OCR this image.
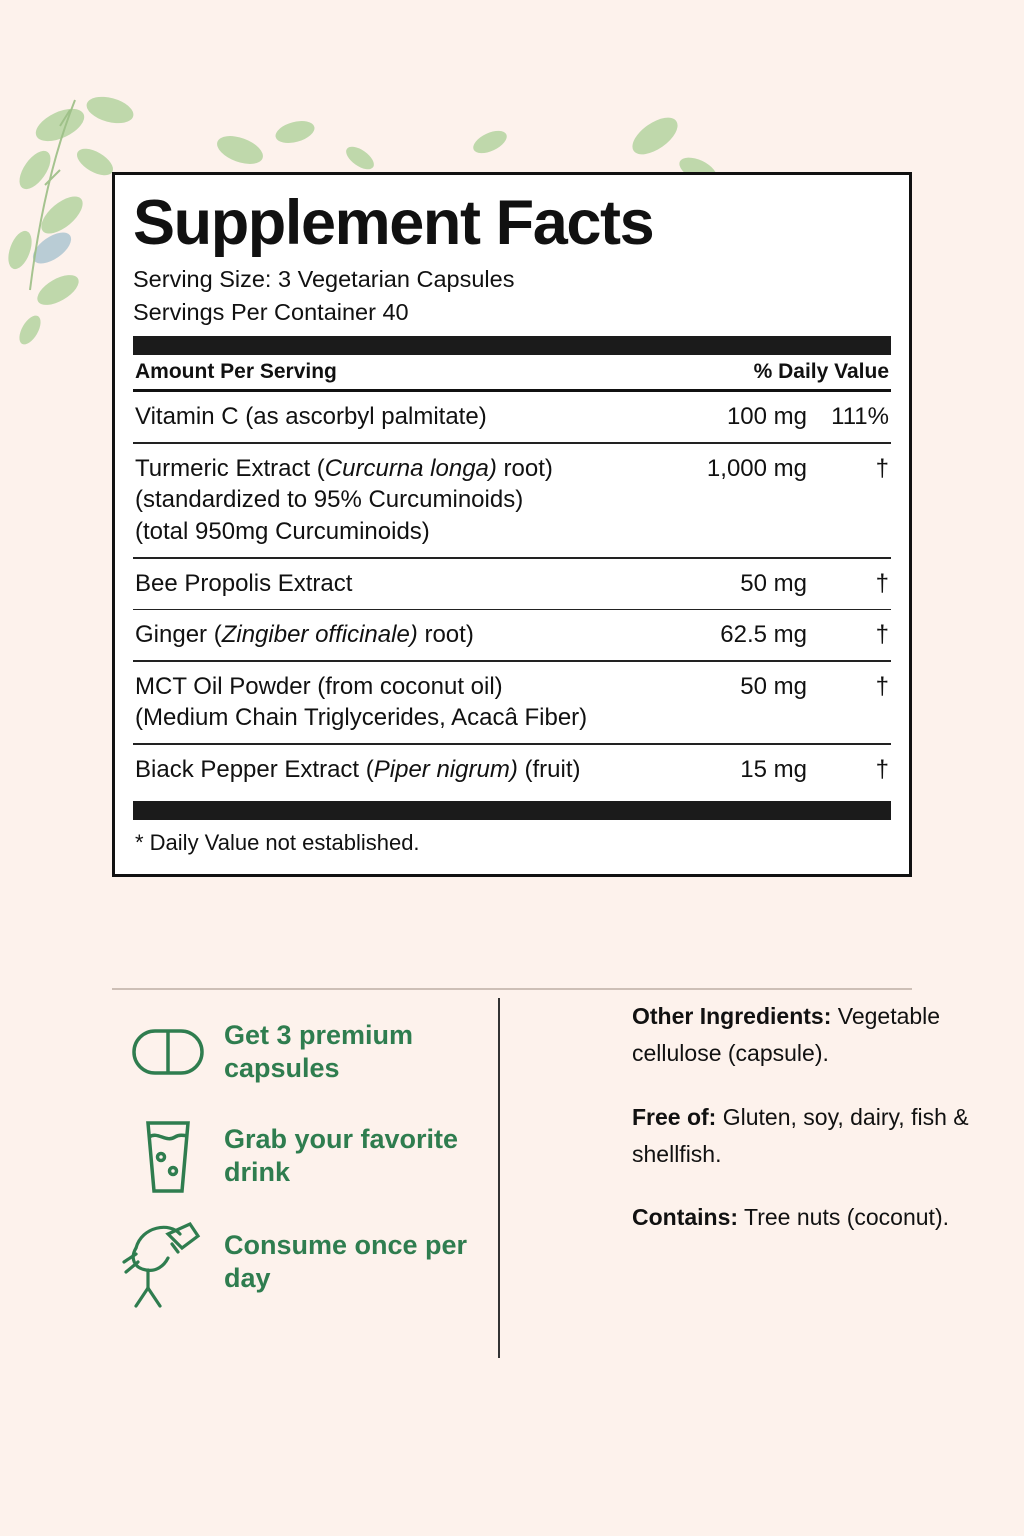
Supplement Facts
Serving Size: 3 Vegetarian Capsules
Servings Per Container 40
Amount Per Serving	% Daily Value
Vitamin C (as ascorbyl palmitate)	100 mg	111%
Turmeric Extract (Curcurna longa) root)
(standardized to 95% Curcuminoids)
(total 950mg Curcuminoids)
1,000 mg	†
Bee Propolis Extract	50 mg	†
Ginger (Zingiber officinale) root)	62.5 mg	†
MCT Oil Powder (from coconut oil)
(Medium Chain Triglycerides, Acacâ Fiber)
50 mg	†
Biack Pepper Extract (Piper nigrum) (fruit)	15 mg	†
* Daily Value not established.
Get 3 premium capsules
Grab your favorite drink
Consume once per day

Other Ingredients: Vegetable cellulose (capsule).

Free of: Gluten, soy, dairy, fish & shellfish.

Contains: Tree nuts (coconut).
